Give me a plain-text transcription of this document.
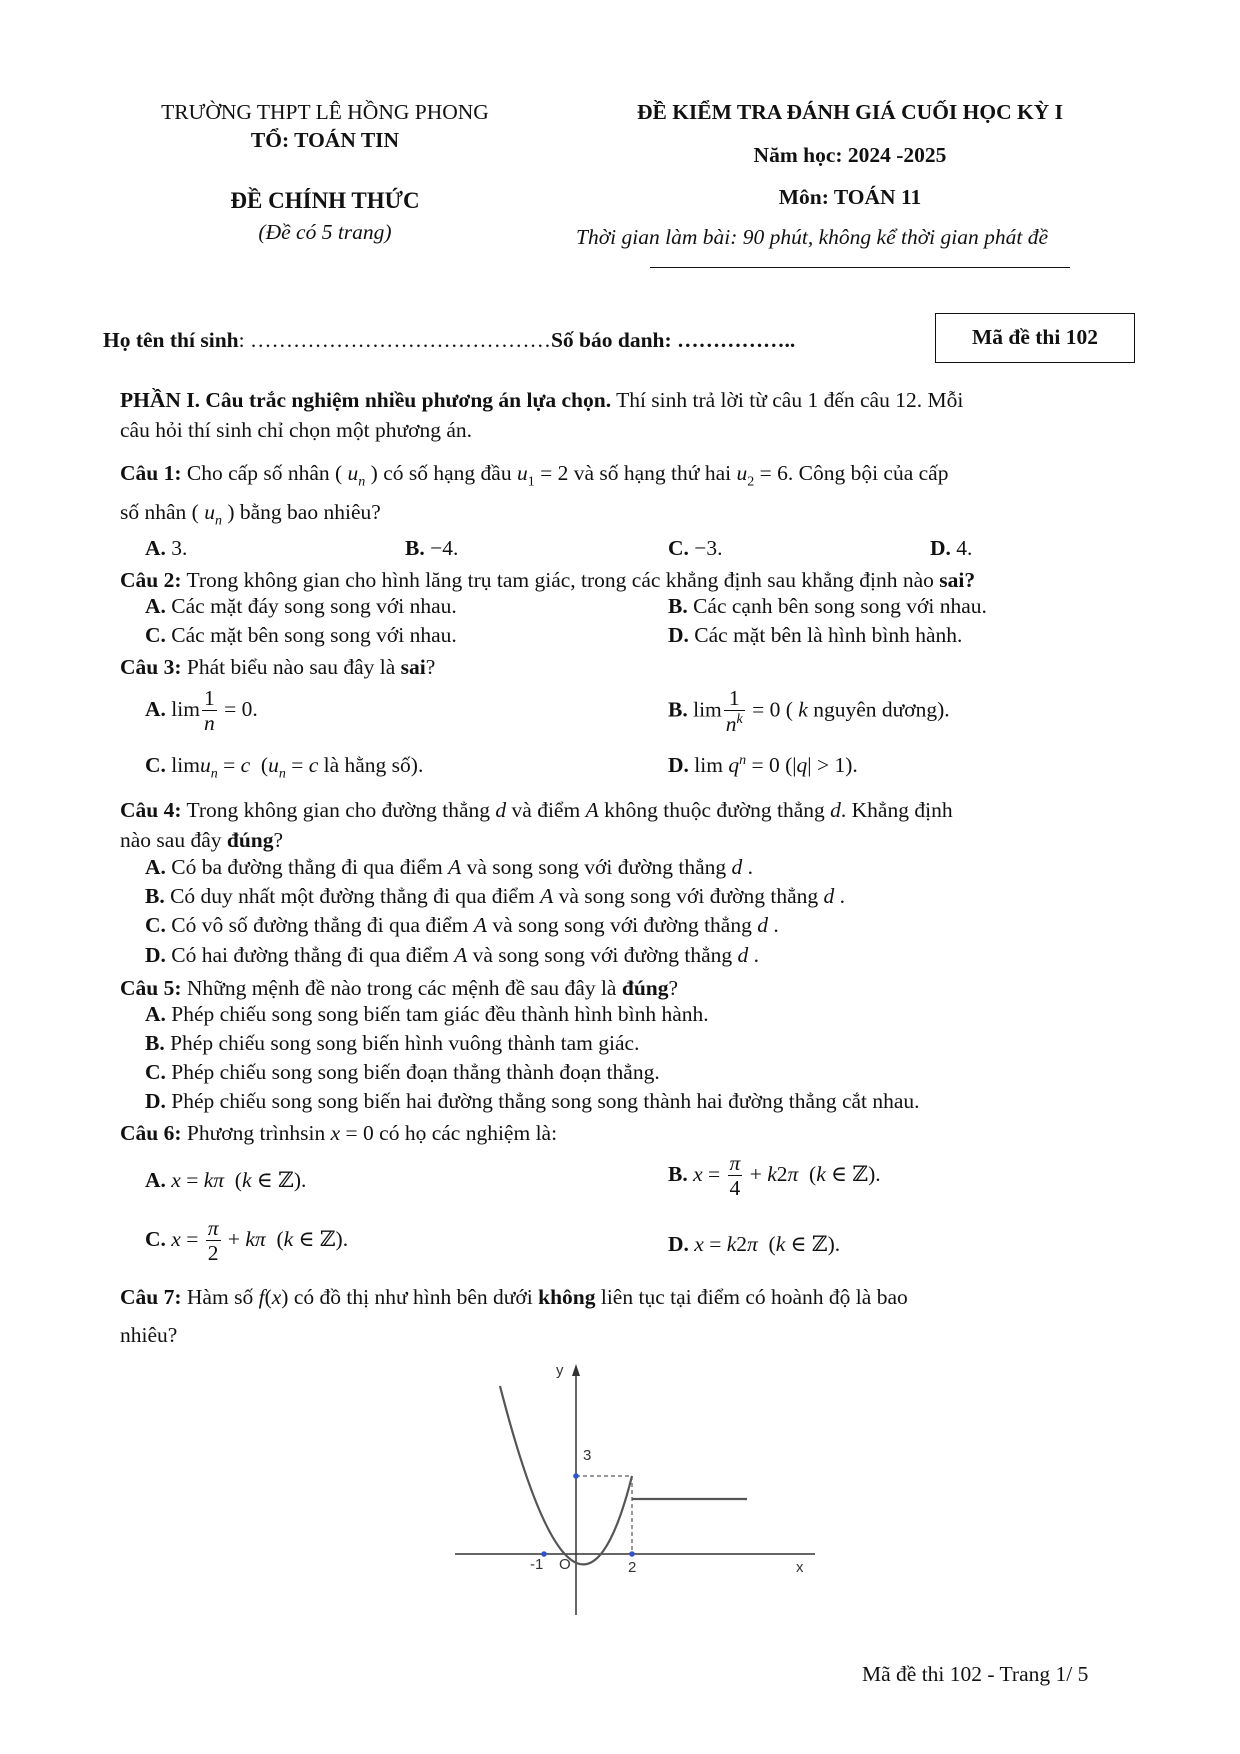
TRƯỜNG THPT LÊ HỒNG PHONG
TỔ: TOÁN TIN
ĐỀ KIỂM TRA ĐÁNH GIÁ CUỐI HỌC KỲ I
Năm học: 2024 -2025
Môn: TOÁN 11
ĐỀ CHÍNH THỨC
(Đề có 5 trang)	Thời gian làm bài: 90 phút, không kể thời gian phát đề
Họ tên thí sinh: ……………………………………Số báo danh: ……………..	Mã đề thi 102
PHẦN I. Câu trắc nghiệm nhiều phương án lựa chọn. Thí sinh trả lời từ câu 1 đến câu 12. Mỗi
câu hỏi thí sinh chỉ chọn một phương án.
Câu 1: Cho cấp số nhân ( $u_n$ ) có số hạng đầu $u_1 = 2$ và số hạng thứ hai $u_2 = 6$. Công bội của cấp
số nhân ( $u_n$ ) bằng bao nhiêu?
A. 3.	B. −4.	C. −3.	D. 4.
Câu 2: Trong không gian cho hình lăng trụ tam giác, trong các khẳng định sau khẳng định nào sai?
A. Các mặt đáy song song với nhau.	B. Các cạnh bên song song với nhau.
C. Các mặt bên song song với nhau.	D. Các mặt bên là hình bình hành.
Câu 3: Phát biểu nào sau đây là sai?
A. $\lim \frac{1}{n} = 0$.	B. $\lim \frac{1}{n^k} = 0$ ( k nguyên dương).
C. limu$_n$ = c  ($u_n = c$ là hằng số).	D. $\lim q^n = 0$ (|q| > 1).
Câu 4: Trong không gian cho đường thẳng d và điểm A không thuộc đường thẳng d. Khẳng định
nào sau đây đúng?
A. Có ba đường thẳng đi qua điểm A và song song với đường thẳng d .
B. Có duy nhất một đường thẳng đi qua điểm A và song song với đường thẳng d .
C. Có vô số đường thẳng đi qua điểm A và song song với đường thẳng d .
D. Có hai đường thẳng đi qua điểm A và song song với đường thẳng d .
Câu 5: Những mệnh đề nào trong các mệnh đề sau đây là đúng?
A. Phép chiếu song song biến tam giác đều thành hình bình hành.
B. Phép chiếu song song biến hình vuông thành tam giác.
C. Phép chiếu song song biến đoạn thẳng thành đoạn thẳng.
D. Phép chiếu song song biến hai đường thẳng song song thành hai đường thẳng cắt nhau.
Câu 6: Phương trìnhsin x = 0 có họ các nghiệm là:
A. x = kπ  (k ∈ ℤ).	B. $x = \frac{\pi}{4} + k2\pi$  (k ∈ ℤ).
C. $x = \frac{\pi}{2} + k\pi$  (k ∈ ℤ).	D. x = k2π  (k ∈ ℤ).
Câu 7: Hàm số f(x) có đồ thị như hình bên dưới không liên tục tại điểm có hoành độ là bao
nhiêu?
y
x
O
-1	2
3
Mã đề thi 102 - Trang 1/ 5
